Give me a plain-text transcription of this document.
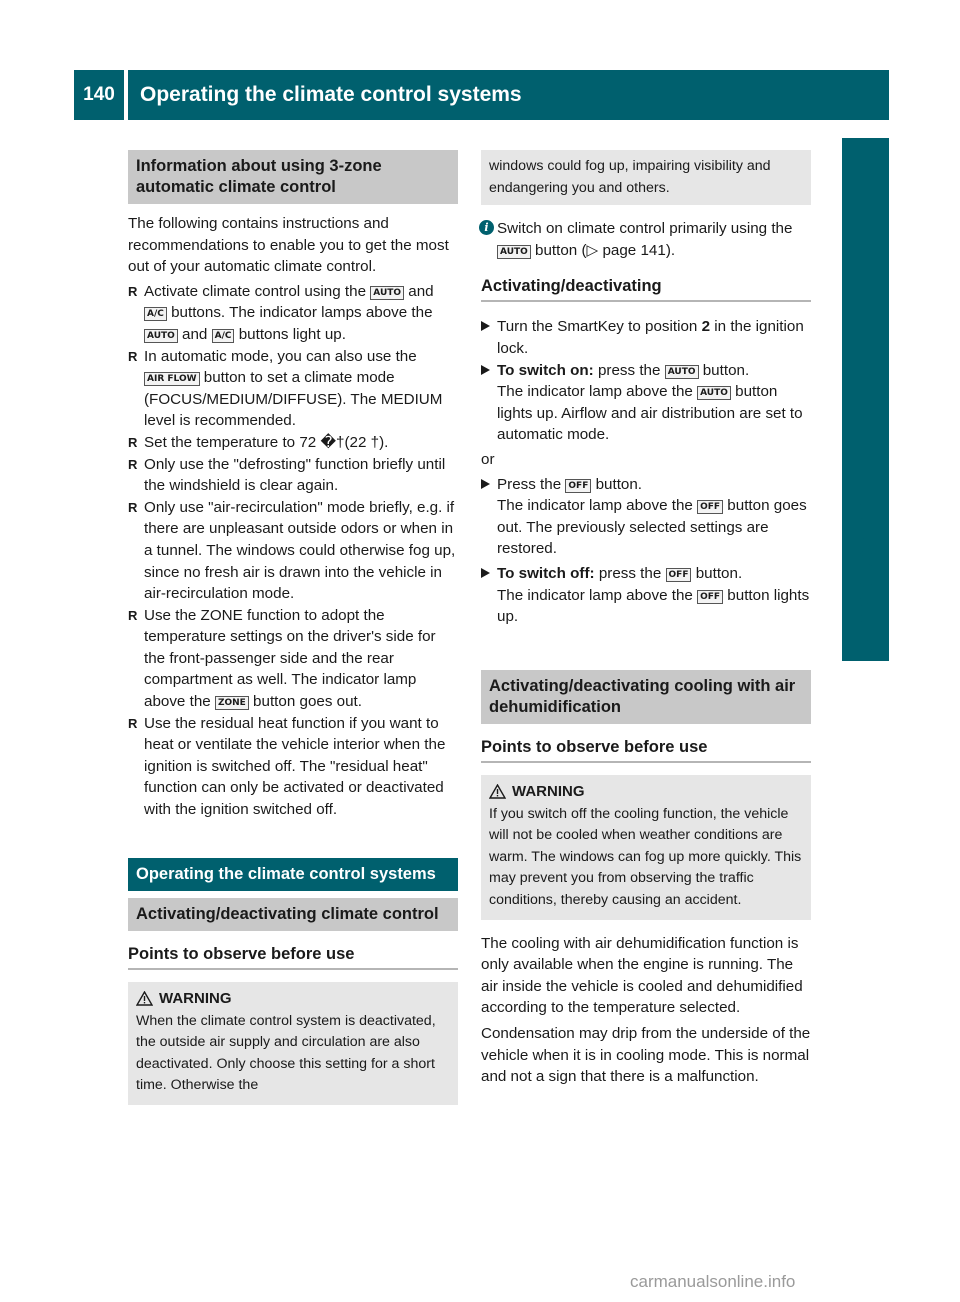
140	Operating the climate control systems
Climate control
Information about using 3-zone automatic climate control

The following contains instructions and recommendations to enable you to get the most out of your automatic climate control.

R Activate climate control using the AUTO and A/C buttons. The indicator lamps above the AUTO and A/C buttons light up.
R In automatic mode, you can also use the AIR FLOW button to set a climate mode (FOCUS/MEDIUM/DIFFUSE). The MEDIUM level is recommended.
R Set the temperature to 72 �†(22 †).
R Only use the "defrosting" function briefly until the windshield is clear again.
R Only use "air-recirculation" mode briefly, e.g. if there are unpleasant outside odors or when in a tunnel. The windows could otherwise fog up, since no fresh air is drawn into the vehicle in air-recirculation mode.
R Use the ZONE function to adopt the temperature settings on the driver's side for the front-passenger side and the rear compartment as well. The indicator lamp above the ZONE button goes out.
R Use the residual heat function if you want to heat or ventilate the vehicle interior when the ignition is switched off. The "residual heat" function can only be activated or deactivated with the ignition switched off.
Operating the climate control systems
Activating/deactivating climate control
Points to observe before use
WARNING

When the climate control system is deactivated, the outside air supply and circulation are also deactivated. Only choose this setting for a short time. Otherwise the

windows could fog up, impairing visibility and endangering you and others.

i Switch on climate control primarily using the AUTO button (▷ page 141).
Activating/deactivating
Turn the SmartKey to position 2 in the ignition lock.
To switch on: press the AUTO button.
The indicator lamp above the AUTO button lights up. Airflow and air distribution are set to automatic mode.

or

Press the OFF button.
The indicator lamp above the OFF button goes out. The previously selected settings are restored.
To switch off: press the OFF button.
The indicator lamp above the OFF button lights up.
Activating/deactivating cooling with air dehumidification
Points to observe before use
WARNING

If you switch off the cooling function, the vehicle will not be cooled when weather conditions are warm. The windows can fog up more quickly. This may prevent you from observing the traffic conditions, thereby causing an accident.

The cooling with air dehumidification function is only available when the engine is running. The air inside the vehicle is cooled and dehumidified according to the temperature selected.

Condensation may drip from the underside of the vehicle when it is in cooling mode. This is normal and not a sign that there is a malfunction.

carmanualsonline.info
